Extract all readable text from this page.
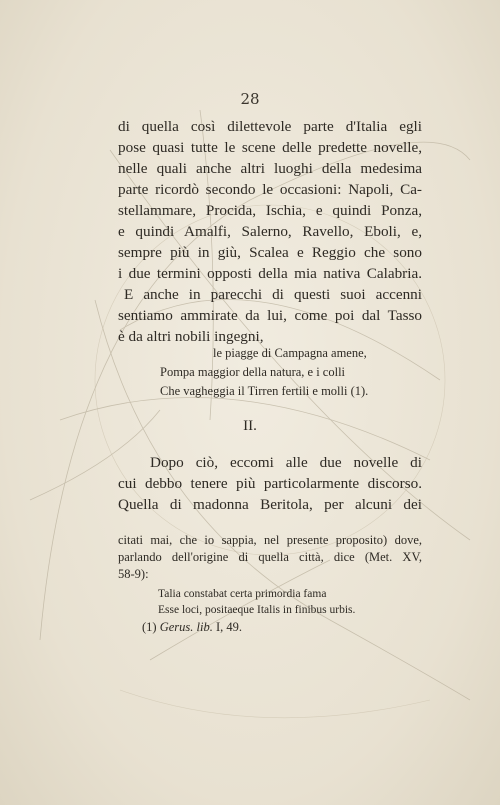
28
di quella così dilettevole parte d'Italia egli
pose quasi tutte le scene delle predette novelle,
nelle quali anche altri luoghi della medesima
parte ricordò secondo le occasioni: Napoli, Ca-
stellammare, Procida, Ischia, e quindi Ponza,
e quindi Amalfi, Salerno, Ravello, Eboli, e,
sempre più in giù, Scalea e Reggio che sono
i due termini opposti della mia nativa Calabria.
E anche in parecchi di questi suoi accenni
sentiamo ammirate da lui, come poi dal Tasso
è da altri nobili ingegni,
le piagge di Campagna amene,
Pompa maggior della natura, e i colli
Che vagheggia il Tirren fertili e molli (1).
II.
Dopo ciò, eccomi alle due novelle di
cui debbo tenere più particolarmente discorso.
Quella di madonna Beritola, per alcuni dei
citati mai, che io sappia, nel presente proposito) dove,
parlando dell'origine di quella città, dice (Met. XV,
58-9):
Talia constabat certa primordia fama
Esse loci, positaeque Italis in finibus urbis.
(1) Gerus. lib. I, 49.
